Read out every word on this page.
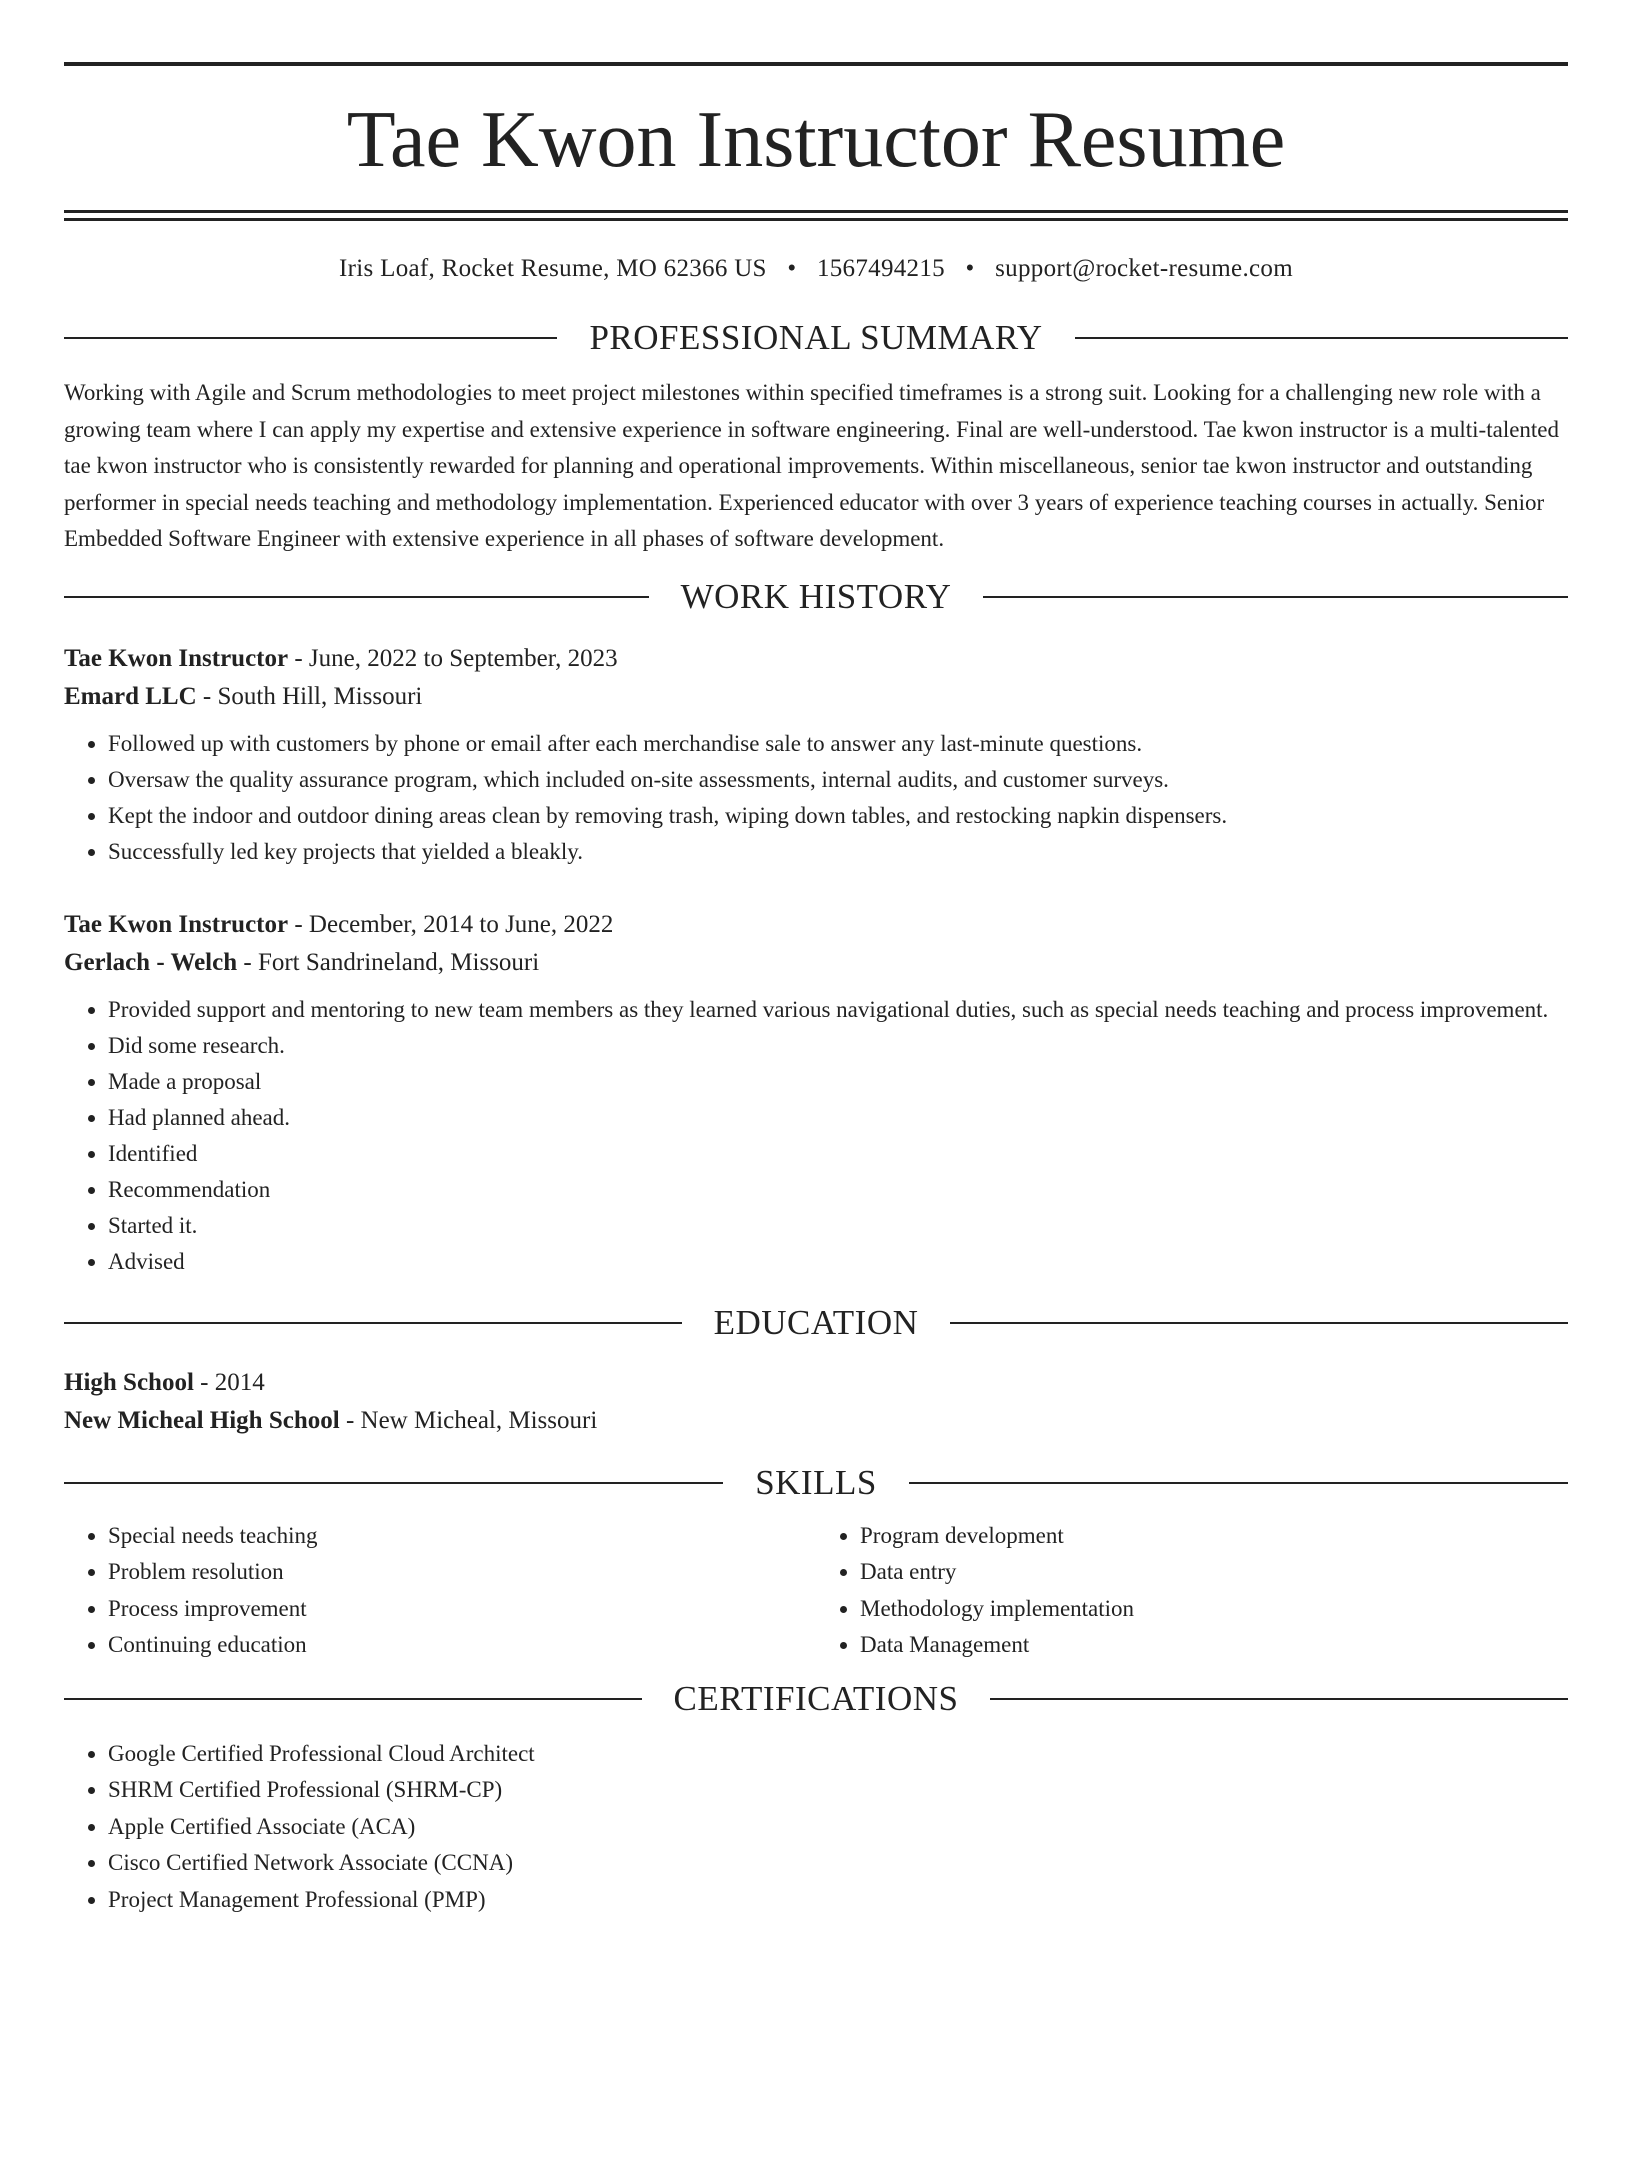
Tae Kwon Instructor Resume
Iris Loaf, Rocket Resume, MO 62366 US • 1567494215 • support@rocket-resume.com
PROFESSIONAL SUMMARY

Working with Agile and Scrum methodologies to meet project milestones within specified timeframes is a strong suit. Looking for a challenging new role with a growing team where I can apply my expertise and extensive experience in software engineering. Final are well-understood. Tae kwon instructor is a multi-talented tae kwon instructor who is consistently rewarded for planning and operational improvements. Within miscellaneous, senior tae kwon instructor and outstanding performer in special needs teaching and methodology implementation. Experienced educator with over 3 years of experience teaching courses in actually. Senior Embedded Software Engineer with extensive experience in all phases of software development.

WORK HISTORY
Tae Kwon Instructor - June, 2022 to September, 2023
Emard LLC - South Hill, Missouri
• Followed up with customers by phone or email after each merchandise sale to answer any last-minute questions.
• Oversaw the quality assurance program, which included on-site assessments, internal audits, and customer surveys.
• Kept the indoor and outdoor dining areas clean by removing trash, wiping down tables, and restocking napkin dispensers.
• Successfully led key projects that yielded a bleakly.
Tae Kwon Instructor - December, 2014 to June, 2022
Gerlach - Welch - Fort Sandrineland, Missouri
• Provided support and mentoring to new team members as they learned various navigational duties, such as special needs teaching and process improvement.
• Did some research.
• Made a proposal
• Had planned ahead.
• Identified
• Recommendation
• Started it.
• Advised
EDUCATION
High School - 2014
New Micheal High School - New Micheal, Missouri
SKILLS
• Special needs teaching
• Problem resolution
• Process improvement
• Continuing education
• Program development
• Data entry
• Methodology implementation
• Data Management
CERTIFICATIONS
• Google Certified Professional Cloud Architect
• SHRM Certified Professional (SHRM-CP)
• Apple Certified Associate (ACA)
• Cisco Certified Network Associate (CCNA)
• Project Management Professional (PMP)
